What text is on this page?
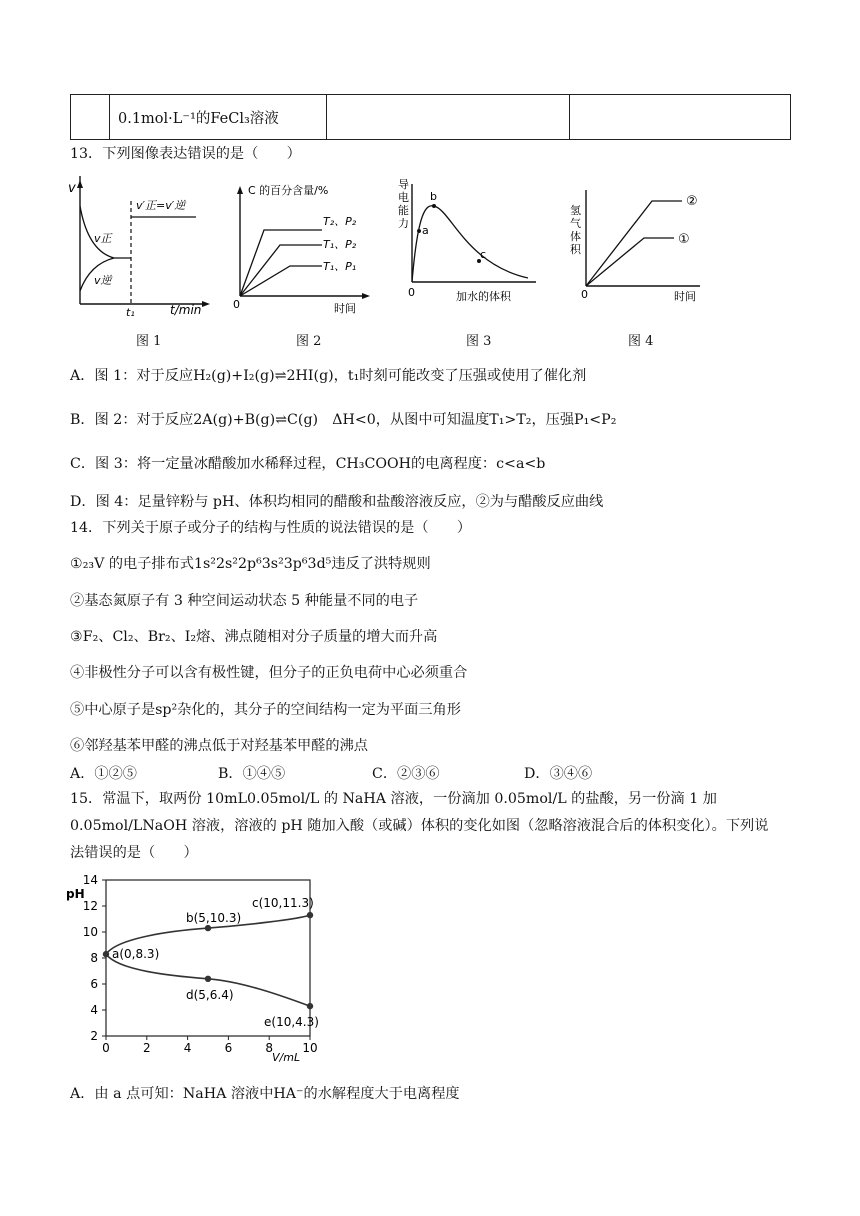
	0.1mol·L⁻¹的FeCl₃溶液		
13．下列图像表达错误的是（　　）
v
v′正=v′逆
v正
v逆
t₁	t/min
C 的百分含量/%
T₂、P₂
T₁、P₂
T₁、P₁
0	时间
导
电
能
力
a
b
c
0	加水的体积
氢
气
体
积
②
①
0	时间
图 1	图 2	图 3	图 4
A．图 1：对于反应H₂(g)+I₂(g)⇌2HI(g)，t₁时刻可能改变了压强或使用了催化剂
B．图 2：对于反应2A(g)+B(g)⇌C(g)　ΔH<0，从图中可知温度T₁>T₂，压强P₁<P₂
C．图 3：将一定量冰醋酸加水稀释过程，CH₃COOH的电离程度：c<a<b
D．图 4：足量锌粉与 pH、体积均相同的醋酸和盐酸溶液反应，②为与醋酸反应曲线
14．下列关于原子或分子的结构与性质的说法错误的是（　　）
①₂₃V 的电子排布式1s²2s²2p⁶3s²3p⁶3d⁵违反了洪特规则
②基态氮原子有 3 种空间运动状态 5 种能量不同的电子
③F₂、Cl₂、Br₂、I₂熔、沸点随相对分子质量的增大而升高
④非极性分子可以含有极性键，但分子的正负电荷中心必须重合
⑤中心原子是sp²杂化的，其分子的空间结构一定为平面三角形
⑥邻羟基苯甲醛的沸点低于对羟基苯甲醛的沸点
A．①②⑤	B．①④⑤	C．②③⑥	D．③④⑥
15．常温下，取两份 10mL0.05mol/L 的 NaHA 溶液，一份滴加 0.05mol/L 的盐酸，另一份滴 1 加
0.05mol/LNaOH 溶液，溶液的 pH 随加入酸（或碱）体积的变化如图（忽略溶液混合后的体积变化）。下列说
法错误的是（　　）
2
4
6
8
10
12
14
0	2	4	6	8 10
a(0,8.3)
b(5,10.3)
c(10,11.3)
d(5,6.4)
e(10,4.3)
pH
V/mL
A．由 a 点可知：NaHA 溶液中HA⁻的水解程度大于电离程度
